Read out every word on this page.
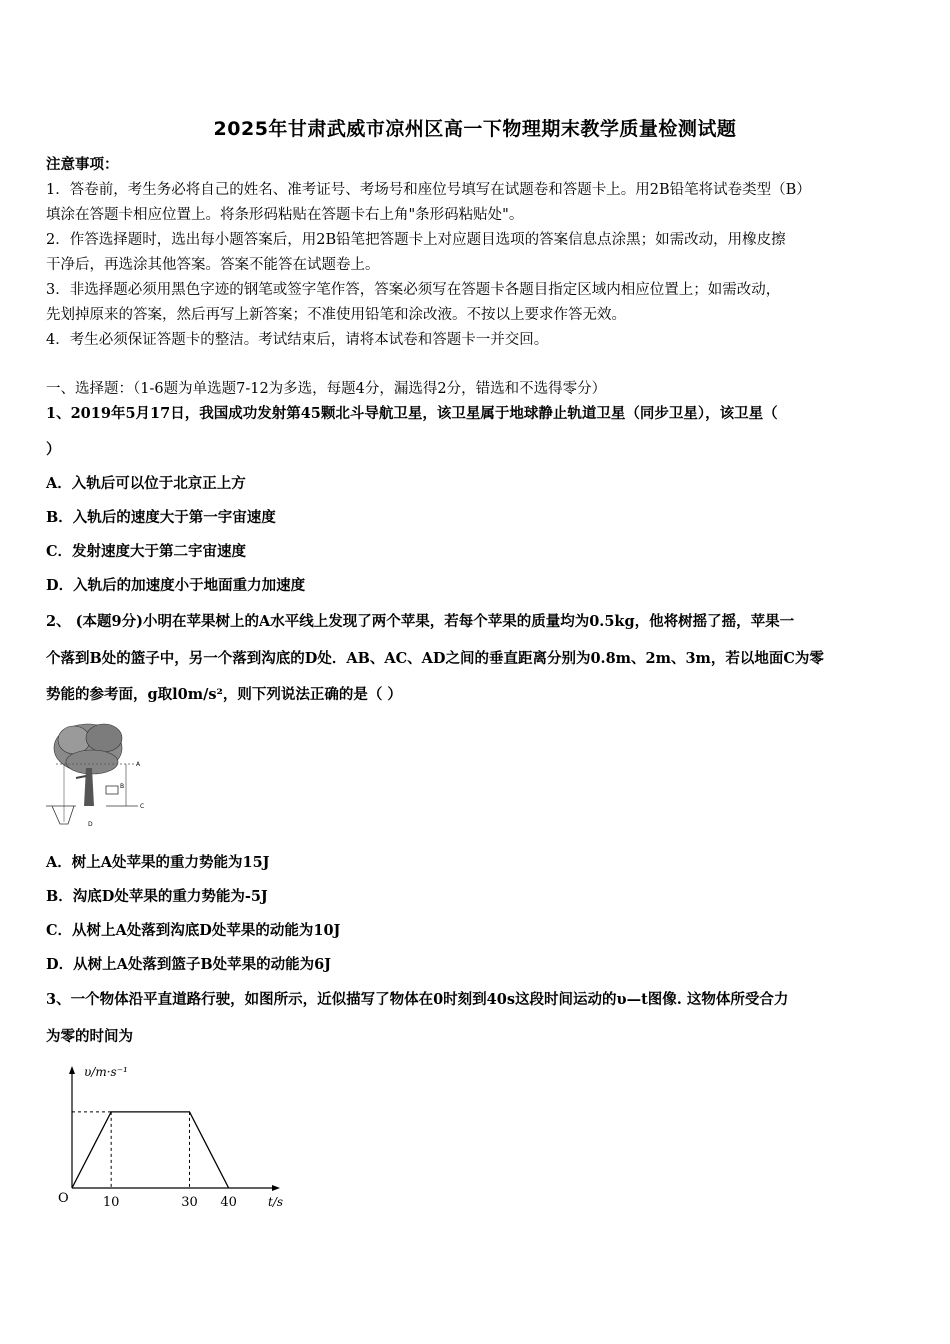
2025年甘肃武威市凉州区高一下物理期末教学质量检测试题
注意事项：
1．答卷前，考生务必将自己的姓名、准考证号、考场号和座位号填写在试题卷和答题卡上。用2B铅笔将试卷类型（B）
填涂在答题卡相应位置上。将条形码粘贴在答题卡右上角"条形码粘贴处"。
2．作答选择题时，选出每小题答案后，用2B铅笔把答题卡上对应题目选项的答案信息点涂黑；如需改动，用橡皮擦
干净后，再选涂其他答案。答案不能答在试题卷上。
3．非选择题必须用黑色字迹的钢笔或签字笔作答，答案必须写在答题卡各题目指定区域内相应位置上；如需改动，
先划掉原来的答案，然后再写上新答案；不准使用铅笔和涂改液。不按以上要求作答无效。
4．考生必须保证答题卡的整洁。考试结束后，请将本试卷和答题卡一并交回。
一、选择题：（1-6题为单选题7-12为多选，每题4分，漏选得2分，错选和不选得零分）
1、2019年5月17日，我国成功发射第45颗北斗导航卫星，该卫星属于地球静止轨道卫星（同步卫星），该卫星（
）
A．入轨后可以位于北京正上方
B．入轨后的速度大于第一宇宙速度
C．发射速度大于第二宇宙速度
D．入轨后的加速度小于地面重力加速度
2、 (本题9分)小明在苹果树上的A水平线上发现了两个苹果，若每个苹果的质量均为0.5kg，他将树摇了摇，苹果一
个落到B处的篮子中，另一个落到沟底的D处．AB、AC、AD之间的垂直距离分别为0.8m、2m、3m，若以地面C为零
势能的参考面，g取l0m/s²，则下列说法正确的是（ ）
A
B
C
D
A．树上A处苹果的重力势能为15J
B．沟底D处苹果的重力势能为-5J
C．从树上A处落到沟底D处苹果的动能为10J
D．从树上A处落到篮子B处苹果的动能为6J
3、一个物体沿平直道路行驶，如图所示，近似描写了物体在0时刻到40s这段时间运动的υ—t图像. 这物体所受合力
为零的时间为
10	30 40
υ/m·s⁻¹
t/s
O
